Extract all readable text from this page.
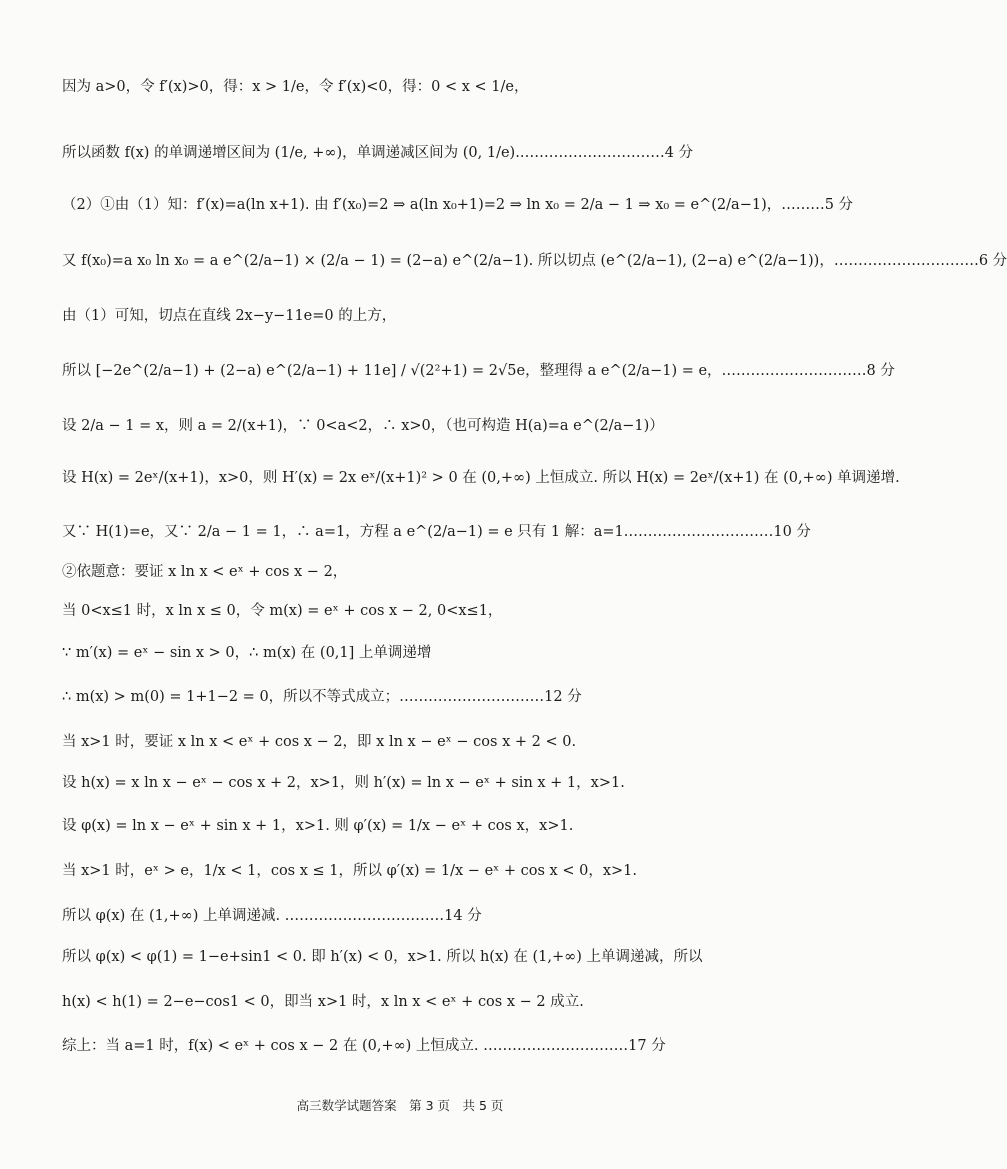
因为 a>0，令 f′(x)>0，得：x > 1/e，令 f′(x)<0，得：0 < x < 1/e，
所以函数 f(x) 的单调递增区间为 (1/e, +∞)，单调递减区间为 (0, 1/e).…………………………4 分
（2）①由（1）知：f′(x)=a(ln x+1). 由 f′(x₀)=2 ⇒ a(ln x₀+1)=2 ⇒ ln x₀ = 2/a − 1 ⇒ x₀ = e^(2/a−1)，………5 分
又 f(x₀)=a x₀ ln x₀ = a e^(2/a−1) × (2/a − 1) = (2−a) e^(2/a−1). 所以切点 (e^(2/a−1), (2−a) e^(2/a−1))，…………………………6 分
由（1）可知，切点在直线 2x−y−11e=0 的上方，
所以 [−2e^(2/a−1) + (2−a) e^(2/a−1) + 11e] / √(2²+1) = 2√5e，整理得 a e^(2/a−1) = e，…………………………8 分
设 2/a − 1 = x，则 a = 2/(x+1)，∵ 0<a<2，∴ x>0，（也可构造 H(a)=a e^(2/a−1)）
设 H(x) = 2eˣ/(x+1)，x>0，则 H′(x) = 2x eˣ/(x+1)² > 0 在 (0,+∞) 上恒成立. 所以 H(x) = 2eˣ/(x+1) 在 (0,+∞) 单调递增.
又∵ H(1)=e，又∵ 2/a − 1 = 1，∴ a=1，方程 a e^(2/a−1) = e 只有 1 解：a=1.…………………………10 分
②依题意：要证 x ln x < eˣ + cos x − 2，
当 0<x≤1 时，x ln x ≤ 0，令 m(x) = eˣ + cos x − 2, 0<x≤1，
∵ m′(x) = eˣ − sin x > 0，∴ m(x) 在 (0,1] 上单调递增
∴ m(x) > m(0) = 1+1−2 = 0，所以不等式成立；…………………………12 分
当 x>1 时，要证 x ln x < eˣ + cos x − 2，即 x ln x − eˣ − cos x + 2 < 0.
设 h(x) = x ln x − eˣ − cos x + 2，x>1，则 h′(x) = ln x − eˣ + sin x + 1，x>1.
设 φ(x) = ln x − eˣ + sin x + 1，x>1. 则 φ′(x) = 1/x − eˣ + cos x，x>1.
当 x>1 时，eˣ > e，1/x < 1，cos x ≤ 1，所以 φ′(x) = 1/x − eˣ + cos x < 0，x>1.
所以 φ(x) 在 (1,+∞) 上单调递减. ……………………………14 分
所以 φ(x) < φ(1) = 1−e+sin1 < 0. 即 h′(x) < 0，x>1. 所以 h(x) 在 (1,+∞) 上单调递减，所以
h(x) < h(1) = 2−e−cos1 < 0，即当 x>1 时，x ln x < eˣ + cos x − 2 成立.
综上：当 a=1 时，f(x) < eˣ + cos x − 2 在 (0,+∞) 上恒成立. …………………………17 分
高三数学试题答案　第 3 页　共 5 页
